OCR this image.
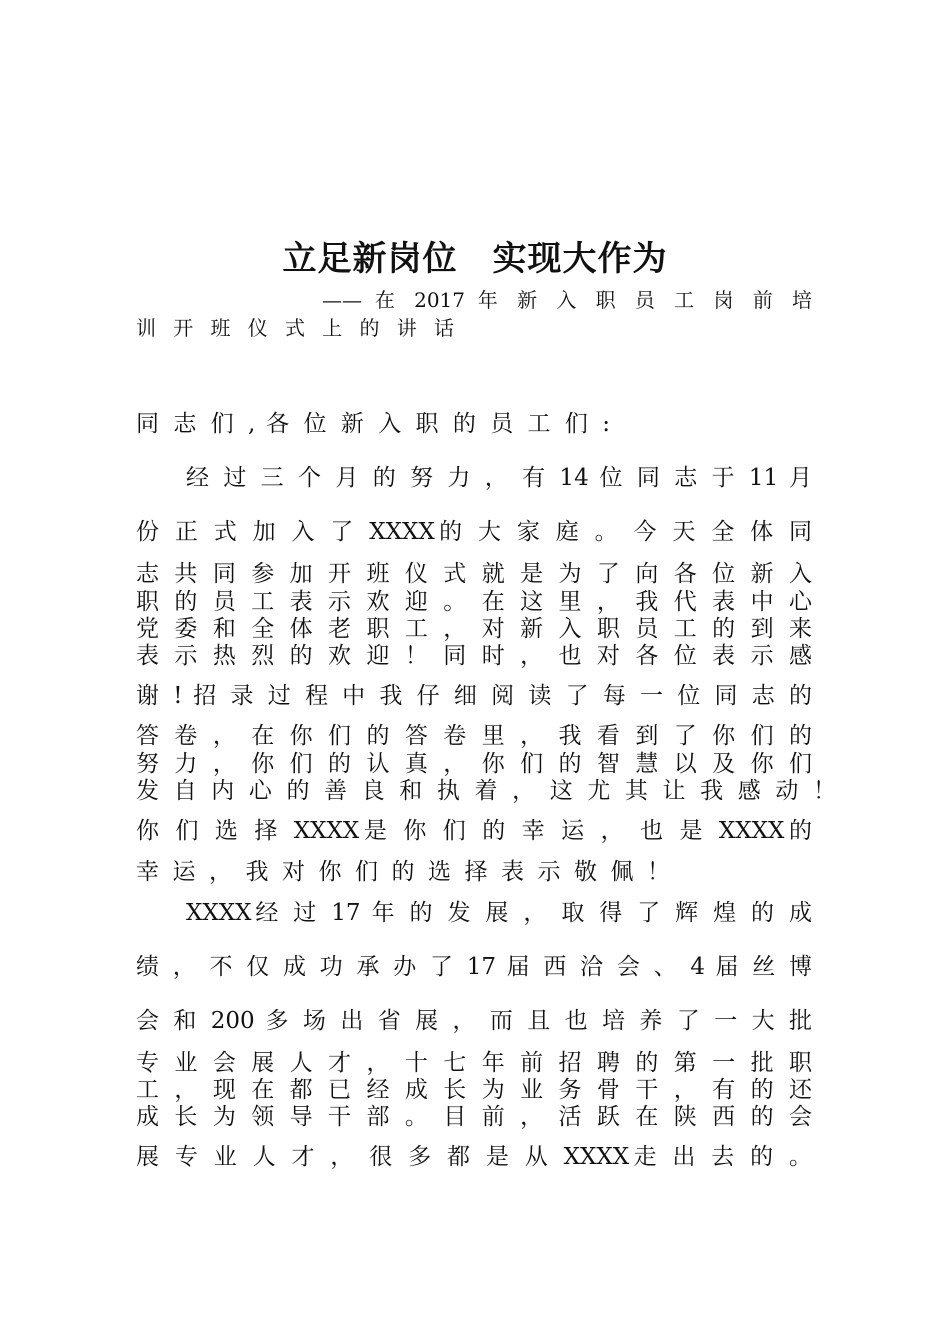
立足新岗位　实现大作为
—— 在 2017 年 新 入 职 员 工 岗 前 培
训 开 班 仪 式 上 的 讲 话
同 志 们 , 各 位 新 入 职 的 员 工 们 :
经 过 三 个 月 的 努 力 ， 有 14 位 同 志 于 11 月
份 正 式 加 入 了 XXXX的 大 家 庭 。 今 天 全 体 同
志 共 同 参 加 开 班 仪 式 就 是 为 了 向 各 位 新 入
职 的 员 工 表 示 欢 迎 。 在 这 里 ， 我 代 表 中 心
党 委 和 全 体 老 职 工 ， 对 新 入 职 员 工 的 到 来
表 示 热 烈 的 欢 迎 ！ 同 时 ， 也 对 各 位 表 示 感
谢 ! 招 录 过 程 中 我 仔 细 阅 读 了 每 一 位 同 志 的
答 卷 ， 在 你 们 的 答 卷 里 ， 我 看 到 了 你 们 的
努 力 ， 你 们 的 认 真 ， 你 们 的 智 慧 以 及 你 们
发 自 内 心 的 善 良 和 执 着 ， 这 尤 其 让 我 感 动 ！
你 们 选 择 XXXX是 你 们 的 幸 运 ， 也 是 XXXX的
幸 运 ， 我 对 你 们 的 选 择 表 示 敬 佩 ！
XXXX经 过 17 年 的 发 展 ， 取 得 了 辉 煌 的 成
绩 ， 不 仅 成 功 承 办 了 17 届 西 洽 会 、 4 届 丝 博
会 和 200 多 场 出 省 展 ， 而 且 也 培 养 了 一 大 批
专 业 会 展 人 才 ， 十 七 年 前 招 聘 的 第 一 批 职
工 ， 现 在 都 已 经 成 长 为 业 务 骨 干 ， 有 的 还
成 长 为 领 导 干 部 。 目 前 ， 活 跃 在 陕 西 的 会
展 专 业 人 才 ， 很 多 都 是 从 XXXX走 出 去 的 。
